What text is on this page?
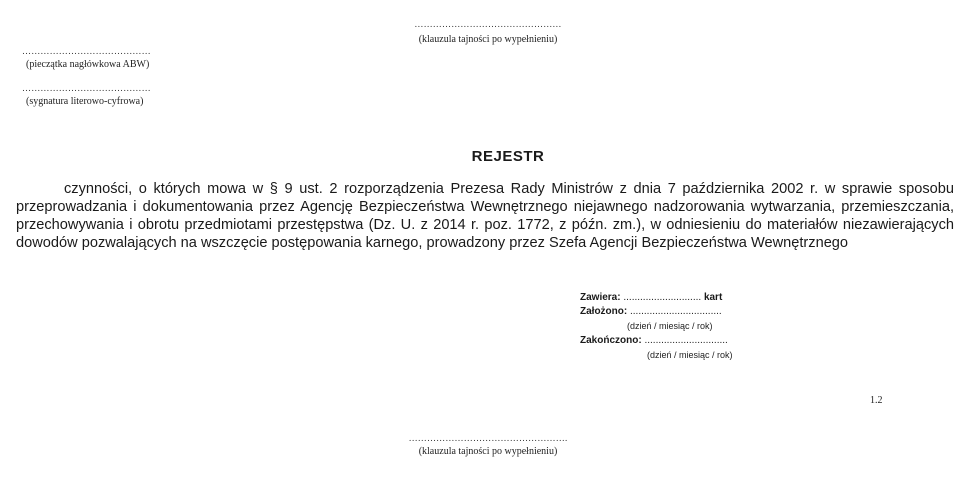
…………………………………………
(klauzula tajności po wypełnieniu)
……………………………………
(pieczątka nagłówkowa ABW)
……………………………………
(sygnatura literowo-cyfrowa)
REJESTR

czynności, o których mowa w § 9 ust. 2 rozporządzenia Prezesa Rady Ministrów z dnia 7 października 2002 r. w sprawie sposobu przeprowadzania i dokumentowania przez Agencję Bezpieczeństwa Wewnętrznego niejawnego nadzorowania wytwarzania, przemieszczania, przechowywania i obrotu przedmiotami przestępstwa (Dz. U. z 2014 r. poz. 1772, z późn. zm.), w odniesieniu do materiałów niezawierających dowodów pozwalających na wszczęcie postępowania karnego, prowadzony przez Szefa Agencji Bezpieczeństwa Wewnętrznego

Zawiera: ............................ kart
Założono: .................................
(dzień / miesiąc / rok)
Zakończono: ..............................
(dzień / miesiąc / rok)
1.2
…………………………………………….
(klauzula tajności po wypełnieniu)
